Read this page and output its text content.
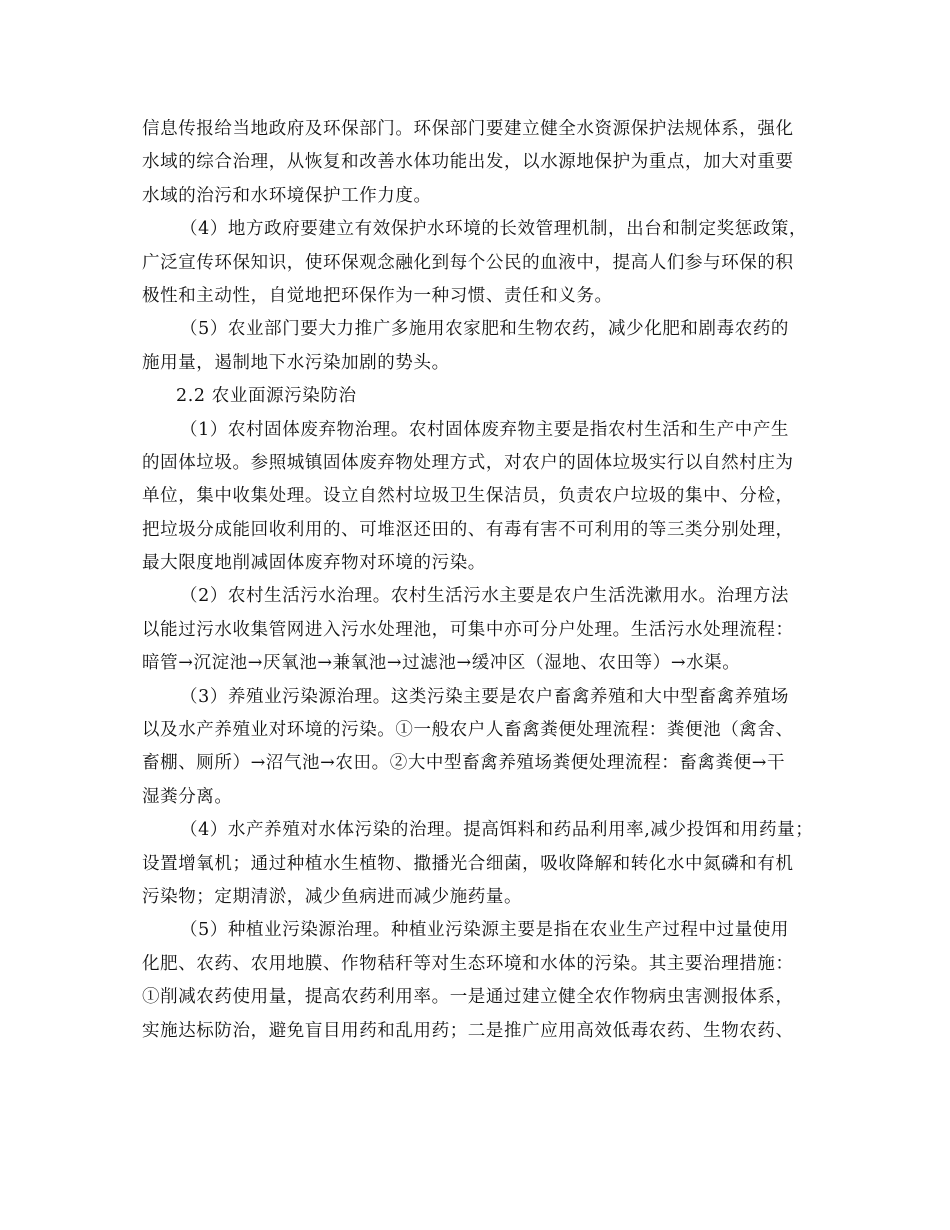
信息传报给当地政府及环保部门。环保部门要建立健全水资源保护法规体系，强化
水域的综合治理，从恢复和改善水体功能出发，以水源地保护为重点，加大对重要
水域的治污和水环境保护工作力度。
（4）地方政府要建立有效保护水环境的长效管理机制，出台和制定奖惩政策，
广泛宣传环保知识，使环保观念融化到每个公民的血液中，提高人们参与环保的积
极性和主动性，自觉地把环保作为一种习惯、责任和义务。
（5）农业部门要大力推广多施用农家肥和生物农药，减少化肥和剧毒农药的
施用量，遏制地下水污染加剧的势头。
2.2 农业面源污染防治
（1）农村固体废弃物治理。农村固体废弃物主要是指农村生活和生产中产生
的固体垃圾。参照城镇固体废弃物处理方式，对农户的固体垃圾实行以自然村庄为
单位，集中收集处理。设立自然村垃圾卫生保洁员，负责农户垃圾的集中、分检，
把垃圾分成能回收利用的、可堆沤还田的、有毒有害不可利用的等三类分别处理，
最大限度地削减固体废弃物对环境的污染。
（2）农村生活污水治理。农村生活污水主要是农户生活洗漱用水。治理方法
以能过污水收集管网进入污水处理池，可集中亦可分户处理。生活污水处理流程：
暗管→沉淀池→厌氧池→兼氧池→过滤池→缓冲区（湿地、农田等）→水渠。
（3）养殖业污染源治理。这类污染主要是农户畜禽养殖和大中型畜禽养殖场
以及水产养殖业对环境的污染。①一般农户人畜禽粪便处理流程：粪便池（禽舍、
畜棚、厕所）→沼气池→农田。②大中型畜禽养殖场粪便处理流程：畜禽粪便→干
湿粪分离。
（4）水产养殖对水体污染的治理。提高饵料和药品利用率,减少投饵和用药量；
设置增氧机；通过种植水生植物、撒播光合细菌，吸收降解和转化水中氮磷和有机
污染物；定期清淤，减少鱼病进而减少施药量。
（5）种植业污染源治理。种植业污染源主要是指在农业生产过程中过量使用
化肥、农药、农用地膜、作物秸秆等对生态环境和水体的污染。其主要治理措施：
①削减农药使用量，提高农药利用率。一是通过建立健全农作物病虫害测报体系，
实施达标防治，避免盲目用药和乱用药；二是推广应用高效低毒农药、生物农药、
